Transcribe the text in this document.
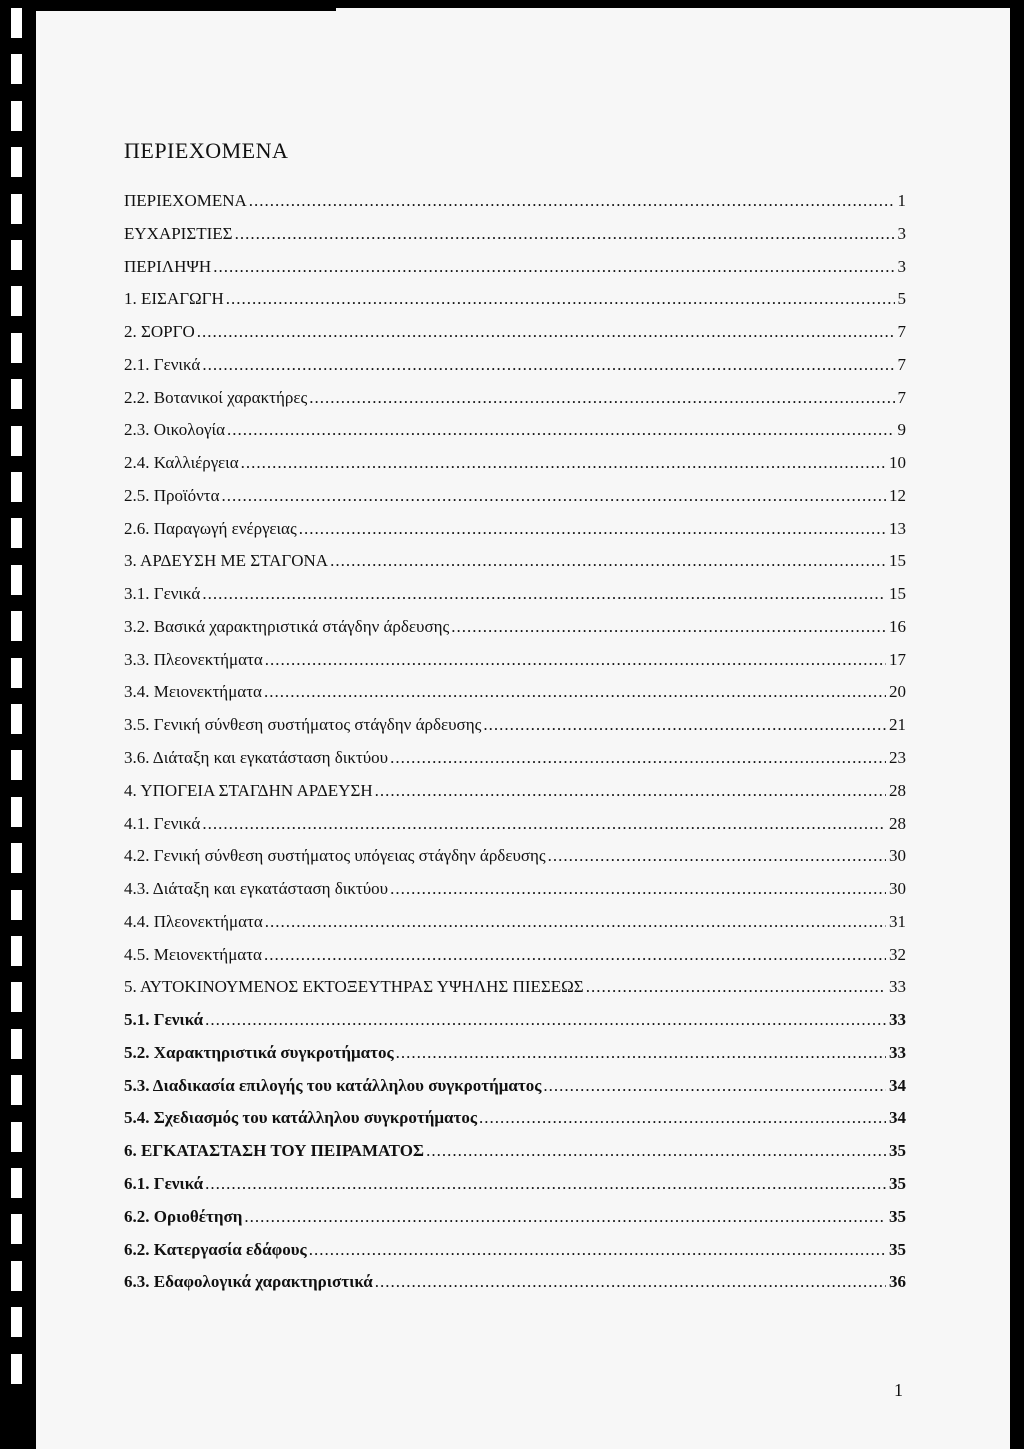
ΠΕΡΙΕΧΟΜΕΝΑ
ΠΕΡΙΕΧΟΜΕΝΑ .....	1
ΕΥΧΑΡΙΣΤΙΕΣ .....	3
ΠΕΡΙΛΗΨΗ .....	3
1. ΕΙΣΑΓΩΓΗ .....	5
2. ΣΟΡΓΟ .....	7
2.1. Γενικά .....	7
2.2. Βοτανικοί χαρακτήρες .....	7
2.3. Οικολογία .....	9
2.4. Καλλιέργεια .....	10
2.5. Προϊόντα .....	12
2.6. Παραγωγή ενέργειας .....	13
3. ΑΡΔΕΥΣΗ ΜΕ ΣΤΑΓΟΝΑ .....	15
3.1. Γενικά .....	15
3.2. Βασικά χαρακτηριστικά στάγδην άρδευσης .....	16
3.3. Πλεονεκτήματα .....	17
3.4. Μειονεκτήματα .....	20
3.5. Γενική σύνθεση συστήματος στάγδην άρδευσης .....	21
3.6. Διάταξη και εγκατάσταση δικτύου .....	23
4. ΥΠΟΓΕΙΑ ΣΤΑΓΔΗΝ ΑΡΔΕΥΣΗ .....	28
4.1. Γενικά .....	28
4.2. Γενική σύνθεση συστήματος υπόγειας στάγδην άρδευσης .....	30
4.3. Διάταξη και εγκατάσταση δικτύου .....	30
4.4. Πλεονεκτήματα .....	31
4.5. Μειονεκτήματα .....	32
5. ΑΥΤΟΚΙΝΟΥΜΕΝΟΣ ΕΚΤΟΞΕΥΤΗΡΑΣ ΥΨΗΛΗΣ ΠΙΕΣΕΩΣ .....	33
5.1. Γενικά .....	33
5.2. Χαρακτηριστικά συγκροτήματος .....	33
5.3. Διαδικασία επιλογής του κατάλληλου συγκροτήματος .....	34
5.4. Σχεδιασμός του κατάλληλου συγκροτήματος .....	34
6. ΕΓΚΑΤΑΣΤΑΣΗ ΤΟΥ ΠΕΙΡΑΜΑΤΟΣ .....	35
6.1. Γενικά .....	35
6.2. Οριοθέτηση .....	35
6.2. Κατεργασία εδάφους .....	35
6.3. Εδαφολογικά χαρακτηριστικά .....	36
1
